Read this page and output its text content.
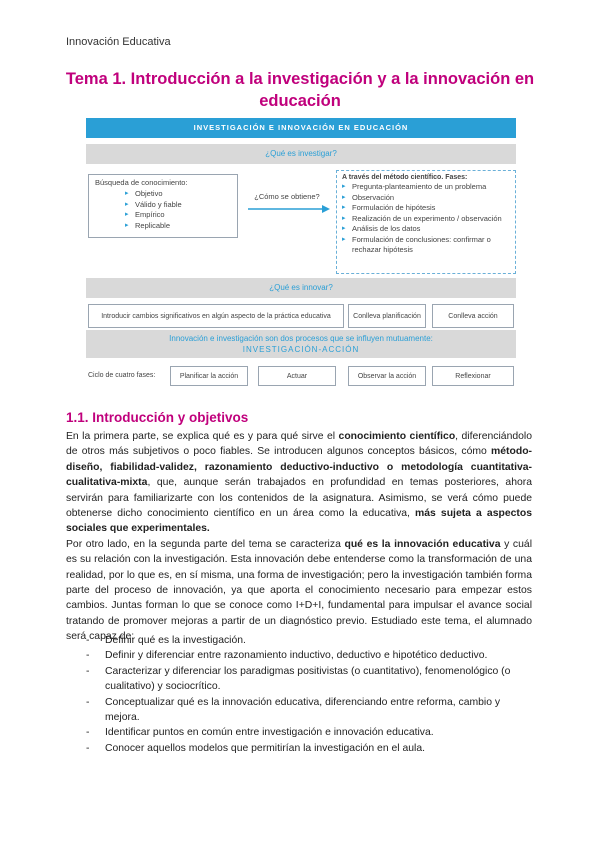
Innovación Educativa
Tema 1. Introducción a la investigación y a la innovación en educación
INVESTIGACIÓN E INNOVACIÓN EN EDUCACIÓN
¿Qué es investigar?
Búsqueda de conocimiento:
▸ Objetivo
▸ Válido y fiable
▸ Empírico
▸ Replicable
¿Cómo se obtiene?
A través del método científico. Fases:
▸ Pregunta-planteamiento de un problema
▸ Observación
▸ Formulación de hipótesis
▸ Realización de un experimento / observación
▸ Análisis de los datos
▸ Formulación de conclusiones: confirmar o rechazar hipótesis
¿Qué es innovar?
Introducir cambios significativos en algún aspecto de la práctica educativa	Conlleva planificación	Conlleva acción
Innovación e investigación son dos procesos que se influyen mutuamente:
INVESTIGACIÓN-ACCIÓN
Ciclo de cuatro fases:	Planificar la acción	Actuar	Observar la acción	Reflexionar
1.1. Introducción y objetivos

En la primera parte, se explica qué es y para qué sirve el conocimiento científico, diferenciándolo de otros más subjetivos o poco fiables. Se introducen algunos conceptos básicos, cómo método-diseño, fiabilidad-validez, razonamiento deductivo-inductivo o metodología cuantitativa-cualitativa-mixta, que, aunque serán trabajados en profundidad en temas posteriores, ahora servirán para familiarizarte con los contenidos de la asignatura. Asimismo, se verá cómo puede obtenerse dicho conocimiento científico en un área como la educativa, más sujeta a aspectos sociales que experimentales.

Por otro lado, en la segunda parte del tema se caracteriza qué es la innovación educativa y cuál es su relación con la investigación. Esta innovación debe entenderse como la transformación de una realidad, por lo que es, en sí misma, una forma de investigación; pero la investigación también forma parte del proceso de innovación, ya que aporta el conocimiento necesario para empezar estos cambios. Juntas forman lo que se conoce como I+D+I, fundamental para impulsar el avance social tratando de promover mejoras a partir de un diagnóstico previo. Estudiado este tema, el alumnado será capaz de:

- Definir qué es la investigación.
- Definir y diferenciar entre razonamiento inductivo, deductivo e hipotético deductivo.
- Caracterizar y diferenciar los paradigmas positivistas (o cuantitativo), fenomenológico (o cualitativo) y sociocrítico.
- Conceptualizar qué es la innovación educativa, diferenciando entre reforma, cambio y mejora.
- Identificar puntos en común entre investigación e innovación educativa.
- Conocer aquellos modelos que permitirían la investigación en el aula.
